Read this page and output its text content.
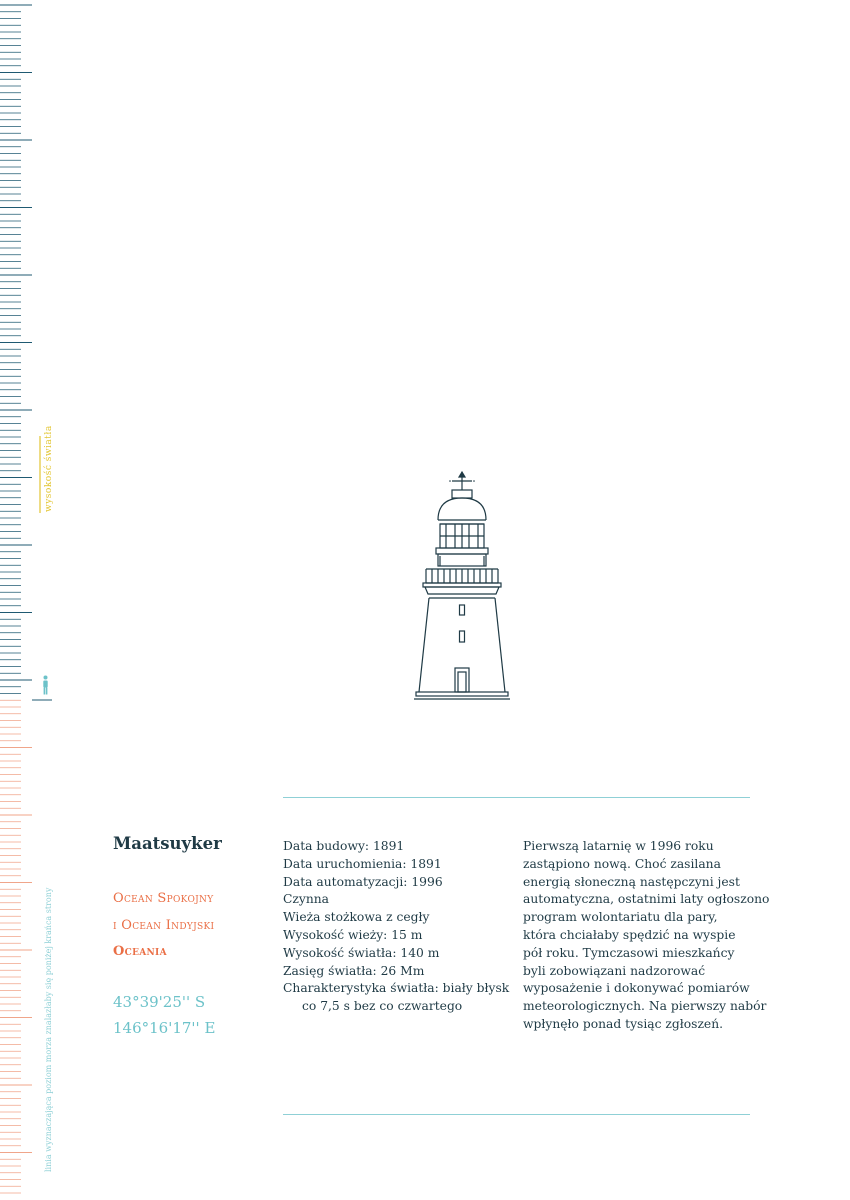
wysokość światła
linia wyznaczająca poziom morza znalazłaby się poniżej krańca strony
Maatsuyker
Ocean Spokojny
i Ocean Indyjski
Oceania
43°39'25'' S
146°16'17'' E
Data budowy: 1891
Data uruchomienia: 1891
Data automatyzacji: 1996
Czynna
Wieża stożkowa z cegły
Wysokość wieży: 15 m
Wysokość światła: 140 m
Zasięg światła: 26 Mm
Charakterystyka światła: biały błysk
co 7,5 s bez co czwartego
Pierwszą latarnię w 1996 roku
zastąpiono nową. Choć zasilana
energią słoneczną następczyni jest
automatyczna, ostatnimi laty ogłoszono
program wolontariatu dla pary,
która chciałaby spędzić na wyspie
pół roku. Tymczasowi mieszkańcy
byli zobowiązani nadzorować
wyposażenie i dokonywać pomiarów
meteorologicznych. Na pierwszy nabór
wpłynęło ponad tysiąc zgłoszeń.
